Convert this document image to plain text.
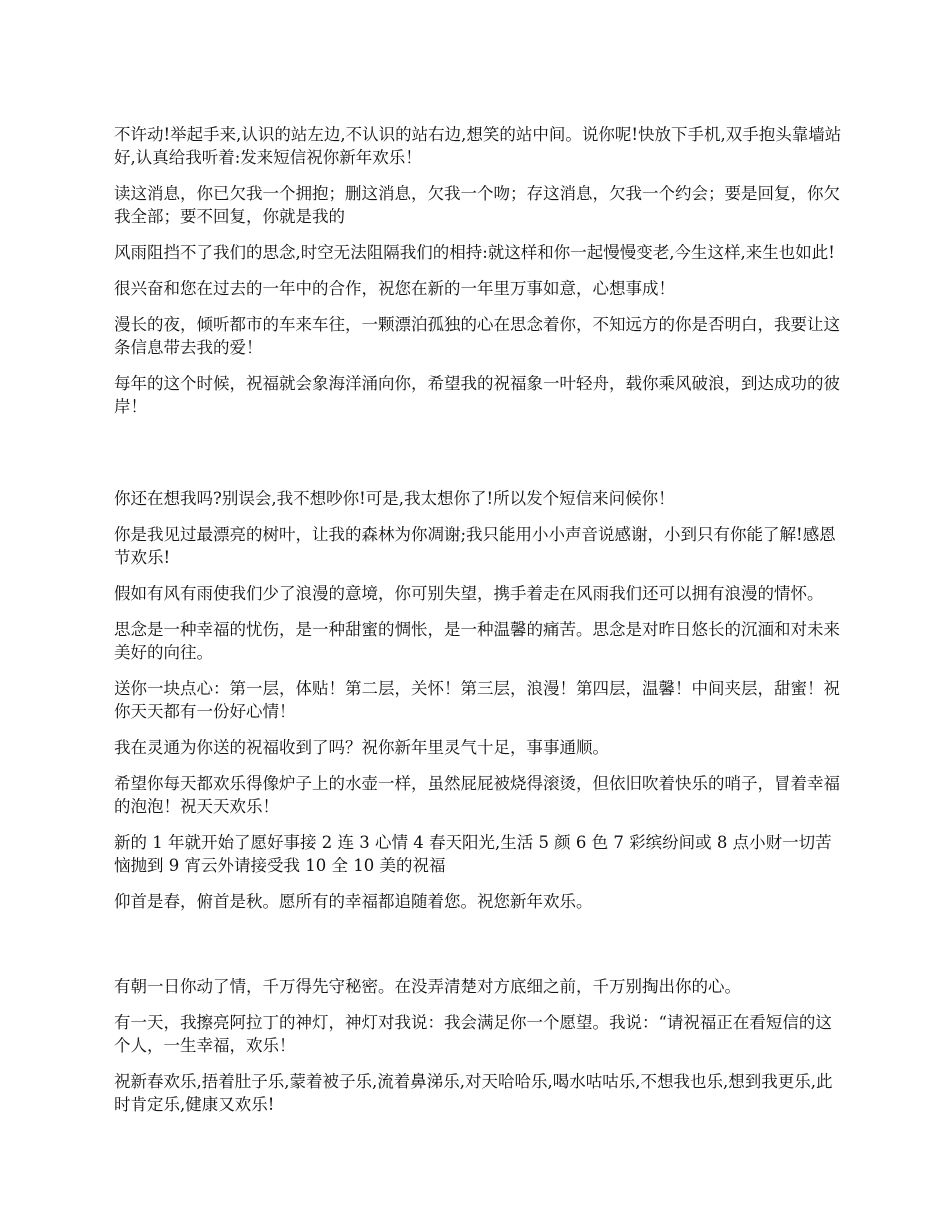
不许动!举起手来,认识的站左边,不认识的站右边,想笑的站中间。说你呢!快放下手机,双手抱头靠墙站好,认真给我听着:发来短信祝你新年欢乐！

读这消息，你已欠我一个拥抱；删这消息，欠我一个吻；存这消息，欠我一个约会；要是回复，你欠我全部；要不回复，你就是我的

风雨阻挡不了我们的思念,时空无法阻隔我们的相持:就这样和你一起慢慢变老,今生这样,来生也如此!

很兴奋和您在过去的一年中的合作，祝您在新的一年里万事如意，心想事成！

漫长的夜，倾听都市的车来车往，一颗漂泊孤独的心在思念着你，不知远方的你是否明白，我要让这条信息带去我的爱！

每年的这个时候，祝福就会象海洋涌向你，希望我的祝福象一叶轻舟，载你乘风破浪，到达成功的彼岸！

你还在想我吗?别误会,我不想吵你!可是,我太想你了!所以发个短信来问候你！

你是我见过最漂亮的树叶，让我的森林为你凋谢;我只能用小小声音说感谢，小到只有你能了解!感恩节欢乐!

假如有风有雨使我们少了浪漫的意境，你可别失望，携手着走在风雨我们还可以拥有浪漫的情怀。

思念是一种幸福的忧伤，是一种甜蜜的惆怅，是一种温馨的痛苦。思念是对昨日悠长的沉湎和对未来美好的向往。

送你一块点心：第一层，体贴！第二层，关怀！第三层，浪漫！第四层，温馨！中间夹层，甜蜜！祝你天天都有一份好心情！

我在灵通为你送的祝福收到了吗？祝你新年里灵气十足，事事通顺。

希望你每天都欢乐得像炉子上的水壶一样，虽然屁屁被烧得滚烫，但依旧吹着快乐的哨子，冒着幸福的泡泡！祝天天欢乐！

新的 1 年就开始了愿好事接 2 连 3 心情 4 春天阳光,生活 5 颜 6 色 7 彩缤纷间或 8 点小财一切苦恼抛到 9 宵云外请接受我 10 全 10 美的祝福

仰首是春，俯首是秋。愿所有的幸福都追随着您。祝您新年欢乐。

有朝一日你动了情，千万得先守秘密。在没弄清楚对方底细之前，千万别掏出你的心。

有一天，我擦亮阿拉丁的神灯，神灯对我说：我会满足你一个愿望。我说：“请祝福正在看短信的这个人，一生幸福，欢乐！

祝新春欢乐,捂着肚子乐,蒙着被子乐,流着鼻涕乐,对天哈哈乐,喝水咕咕乐,不想我也乐,想到我更乐,此时肯定乐,健康又欢乐!
